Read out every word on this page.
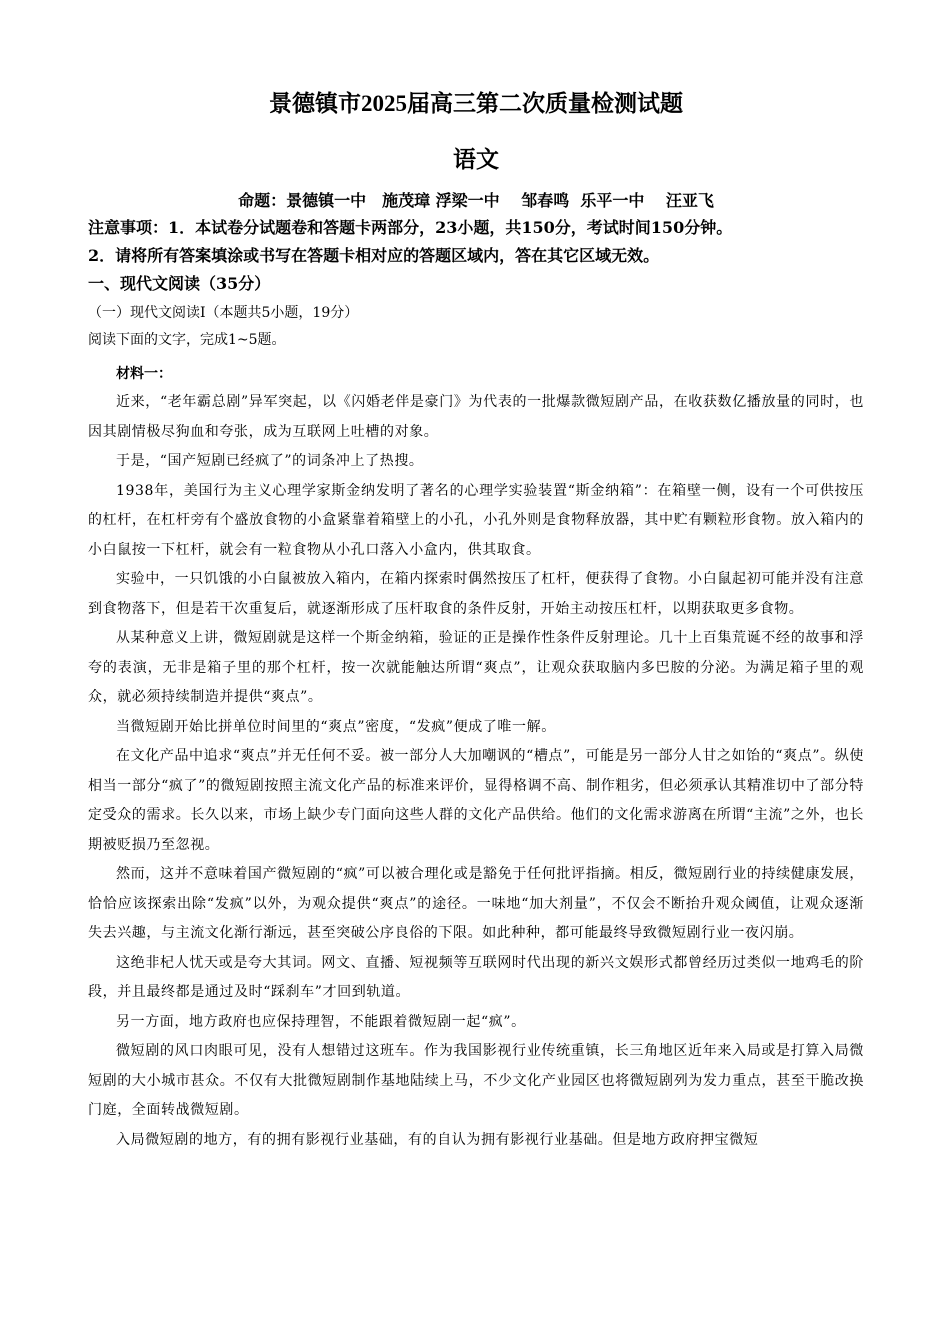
景德镇市2025届高三第二次质量检测试题
语文
命题：景德镇一中　施茂璋 浮梁一中　 邹春鸣  乐平一中　 汪亚飞
注意事项：1．本试卷分试题卷和答题卡两部分，23小题，共150分，考试时间150分钟。
2．请将所有答案填涂或书写在答题卡相对应的答题区域内，答在其它区域无效。
一、现代文阅读（35分）
（一）现代文阅读Ⅰ（本题共5小题，19分）
阅读下面的文字，完成1~5题。
材料一：

近来，“老年霸总剧”异军突起，以《闪婚老伴是豪门》为代表的一批爆款微短剧产品，在收获数亿播放量的同时，也因其剧情极尽狗血和夸张，成为互联网上吐槽的对象。

于是，“国产短剧已经疯了”的词条冲上了热搜。

1938年，美国行为主义心理学家斯金纳发明了著名的心理学实验装置“斯金纳箱”：在箱壁一侧，设有一个可供按压的杠杆，在杠杆旁有个盛放食物的小盒紧靠着箱壁上的小孔，小孔外则是食物释放器，其中贮有颗粒形食物。放入箱内的小白鼠按一下杠杆，就会有一粒食物从小孔口落入小盒内，供其取食。

实验中，一只饥饿的小白鼠被放入箱内，在箱内探索时偶然按压了杠杆，便获得了食物。小白鼠起初可能并没有注意到食物落下，但是若干次重复后，就逐渐形成了压杆取食的条件反射，开始主动按压杠杆，以期获取更多食物。

从某种意义上讲，微短剧就是这样一个斯金纳箱，验证的正是操作性条件反射理论。几十上百集荒诞不经的故事和浮夸的表演，无非是箱子里的那个杠杆，按一次就能触达所谓“爽点”，让观众获取脑内多巴胺的分泌。为满足箱子里的观众，就必须持续制造并提供“爽点”。

当微短剧开始比拼单位时间里的“爽点”密度，“发疯”便成了唯一解。

在文化产品中追求“爽点”并无任何不妥。被一部分人大加嘲讽的“槽点”，可能是另一部分人甘之如饴的“爽点”。纵使相当一部分“疯了”的微短剧按照主流文化产品的标准来评价，显得格调不高、制作粗劣，但必须承认其精准切中了部分特定受众的需求。长久以来，市场上缺少专门面向这些人群的文化产品供给。他们的文化需求游离在所谓“主流”之外，也长期被贬损乃至忽视。

然而，这并不意味着国产微短剧的“疯”可以被合理化或是豁免于任何批评指摘。相反，微短剧行业的持续健康发展，恰恰应该探索出除“发疯”以外，为观众提供“爽点”的途径。一味地“加大剂量”，不仅会不断抬升观众阈值，让观众逐渐失去兴趣，与主流文化渐行渐远，甚至突破公序良俗的下限。如此种种，都可能最终导致微短剧行业一夜闪崩。

这绝非杞人忧天或是夸大其词。网文、直播、短视频等互联网时代出现的新兴文娱形式都曾经历过类似一地鸡毛的阶段，并且最终都是通过及时“踩刹车”才回到轨道。

另一方面，地方政府也应保持理智，不能跟着微短剧一起“疯”。

微短剧的风口肉眼可见，没有人想错过这班车。作为我国影视行业传统重镇，长三角地区近年来入局或是打算入局微短剧的大小城市甚众。不仅有大批微短剧制作基地陆续上马，不少文化产业园区也将微短剧列为发力重点，甚至干脆改换门庭，全面转战微短剧。

入局微短剧的地方，有的拥有影视行业基础，有的自认为拥有影视行业基础。但是地方政府押宝微短
